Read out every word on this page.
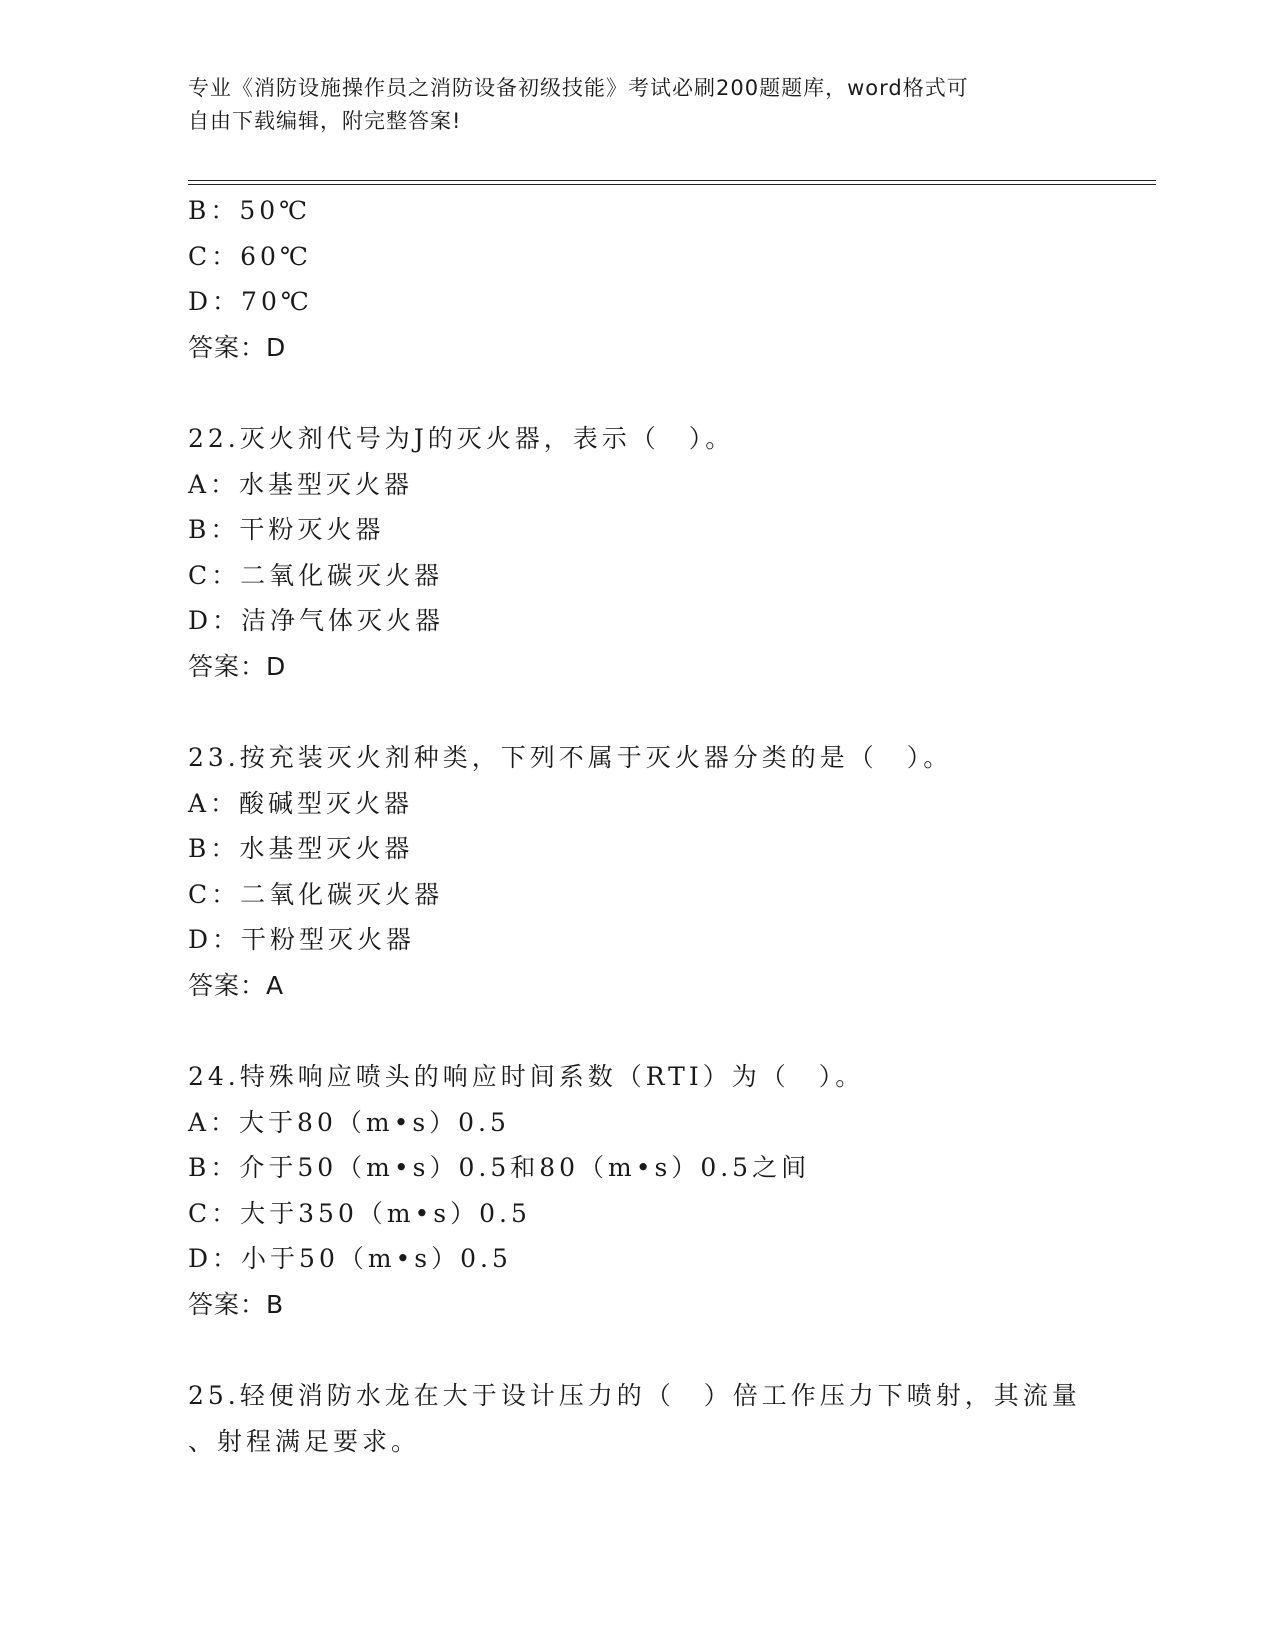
专业《消防设施操作员之消防设备初级技能》考试必刷200题题库，word格式可
自由下载编辑，附完整答案!
B：50℃
C：60℃
D：70℃
答案：D
22.灭火剂代号为J的灭火器，表示（　）。
A：水基型灭火器
B：干粉灭火器
C：二氧化碳灭火器
D：洁净气体灭火器
答案：D
23.按充装灭火剂种类，下列不属于灭火器分类的是（　）。
A：酸碱型灭火器
B：水基型灭火器
C：二氧化碳灭火器
D：干粉型灭火器
答案：A
24.特殊响应喷头的响应时间系数（RTI）为（　）。
A：大于80（m•s）0.5
B：介于50（m•s）0.5和80（m•s）0.5之间
C：大于350（m•s）0.5
D：小于50（m•s）0.5
答案：B
25.轻便消防水龙在大于设计压力的（　）倍工作压力下喷射，其流量
、射程满足要求。
